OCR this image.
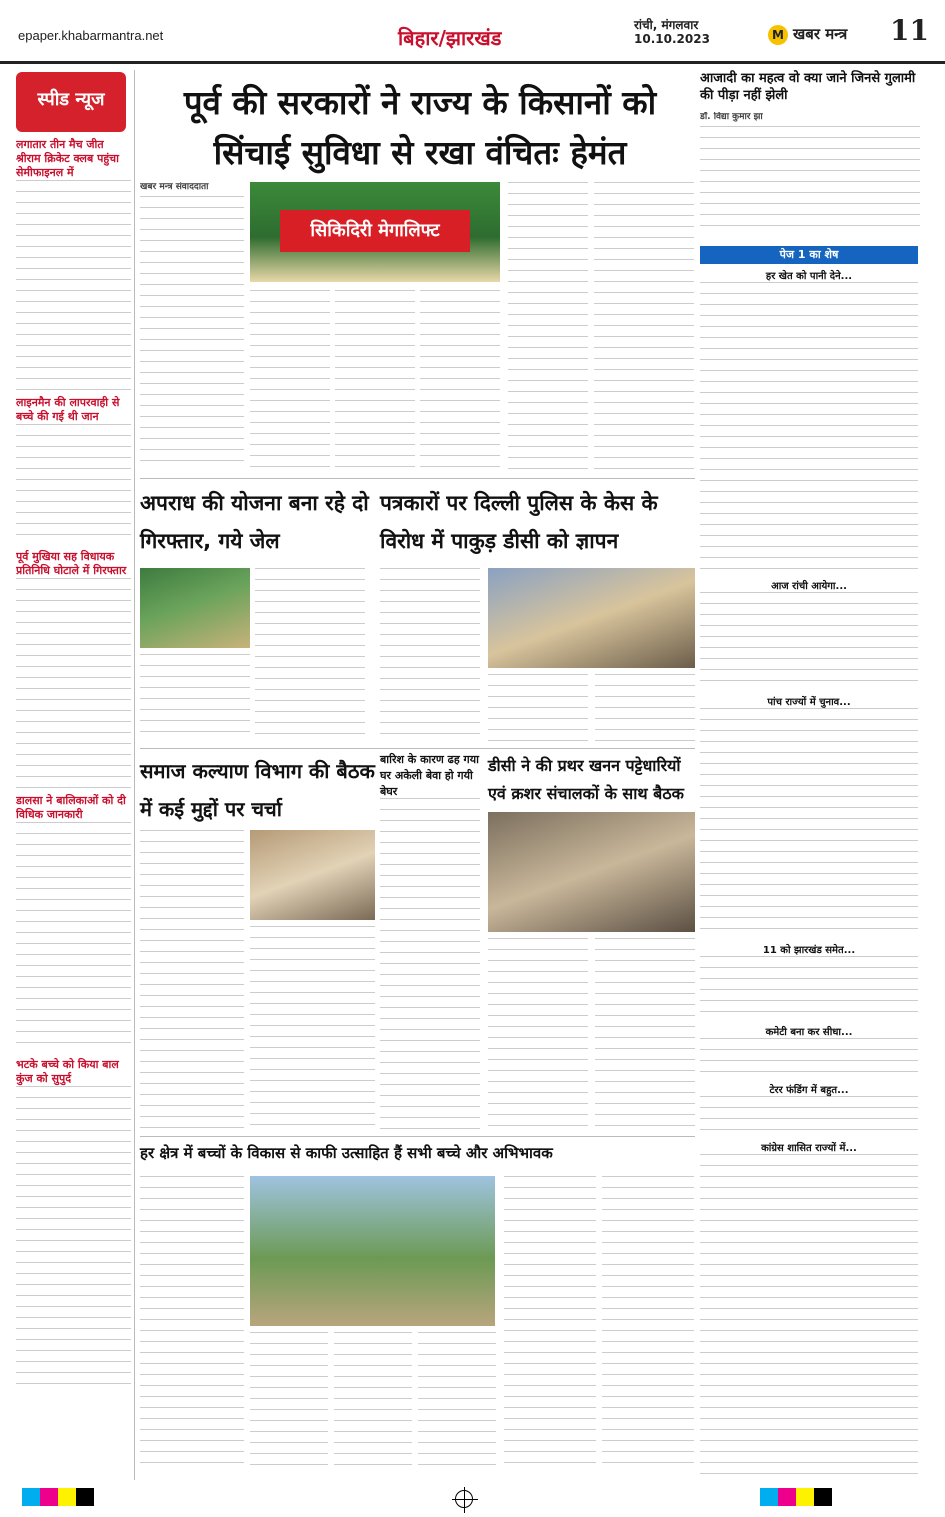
epaper.khabarmantra.net	बिहार/झारखंड
रांची, मंगलवार
10.10.2023	M खबर मन्त्र 11
स्पीड न्यूज
लगातार तीन मैच जीत श्रीराम क्रिकेट क्लब पहुंचा सेमीफाइनल में
लाइनमैन की लापरवाही से बच्चे की गई थी जान
पूर्व मुखिया सह विधायक प्रतिनिधि घोटाले में गिरफ्तार
डालसा ने बालिकाओं को दी विधिक जानकारी
भटके बच्चे को किया बाल कुंज को सुपुर्द
पूर्व की सरकारों ने राज्य के किसानों को सिंचाई सुविधा से रखा वंचितः हेमंत
खबर मन्त्र संवाददाता
सिकिदिरी मेगालिफ्ट
आजादी का महत्व वो क्या जाने जिनसे गुलामी की पीड़ा नहीं झेली
डॉ. विद्या कुमार झा
पेज 1 का शेष
हर खेत को पानी देने...
आज रांची आयेगा...
पांच राज्यों में चुनाव...
11 को झारखंड समेत...
कमेटी बना कर सीधा...
टेरर फंडिंग में बहुत...
कांग्रेस शासित राज्यों में...
अपराध की योजना बना रहे दो गिरफ्तार, गये जेल
पत्रकारों पर दिल्ली पुलिस के केस के विरोध में पाकुड़ डीसी को ज्ञापन
समाज कल्याण विभाग की बैठक में कई मुद्दों पर चर्चा
बारिश के कारण ढह गया घर अकेली बेवा हो गयी बेघर
डीसी ने की प्रथर खनन पट्टेधारियों एवं क्रशर संचालकों के साथ बैठक
हर क्षेत्र में बच्चों के विकास से काफी उत्साहित हैं सभी बच्चे और अभिभावक
